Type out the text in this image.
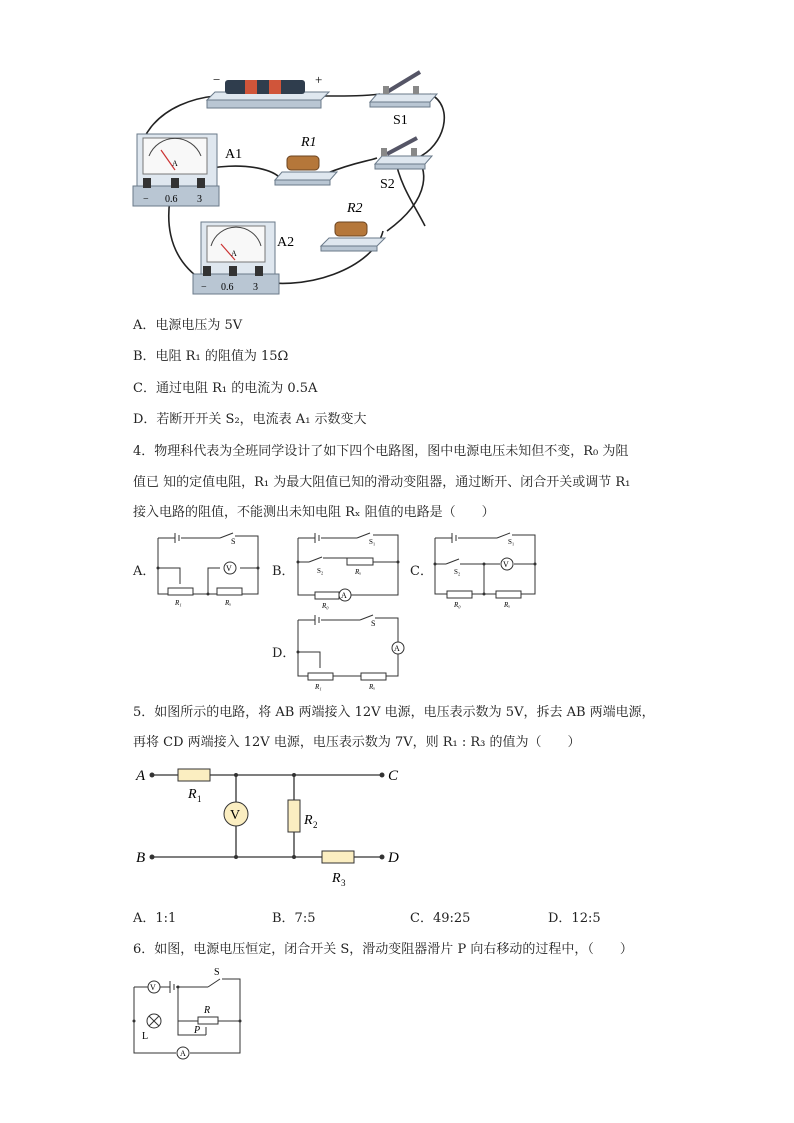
−	+
S1
A
− 0.6 3
A1
R1
S2
R2
A
− 0.6 3
A2
A．电源电压为 5V
B．电阻 R₁ 的阻值为 15Ω
C．通过电阻 R₁ 的电流为 0.5A
D．若断开开关 S₂，电流表 A₁ 示数变大
4．物理科代表为全班同学设计了如下四个电路图，图中电源电压未知但不变，R₀ 为阻
值已 知的定值电阻，R₁ 为最大阻值已知的滑动变阻器，通过断开、闭合开关或调节 R₁
接入电路的阻值，不能测出未知电阻 Rₓ 阻值的电路是（　　）
A．	B．	C．
D．
V
S
R₁	Rₓ
A
S₁
S₂	Rₓ
R₀
V
S₁
S₂
R₀	Rₓ
A
S
R₁	Rₓ
5．如图所示的电路，将 AB 两端接入 12V 电源，电压表示数为 5V，拆去 AB 两端电源，
再将 CD 两端接入 12V 电源，电压表示数为 7V，则 R₁ : R₃ 的值为（　　）
V
A
B
C
D
R 1
R 2
R 3
A．1:1	B．7:5	C．49:25	D．12:5
6．如图，电源电压恒定，闭合开关 S，滑动变阻器滑片 P 向右移动的过程中，（　　）
V
A
L
S
R
P
